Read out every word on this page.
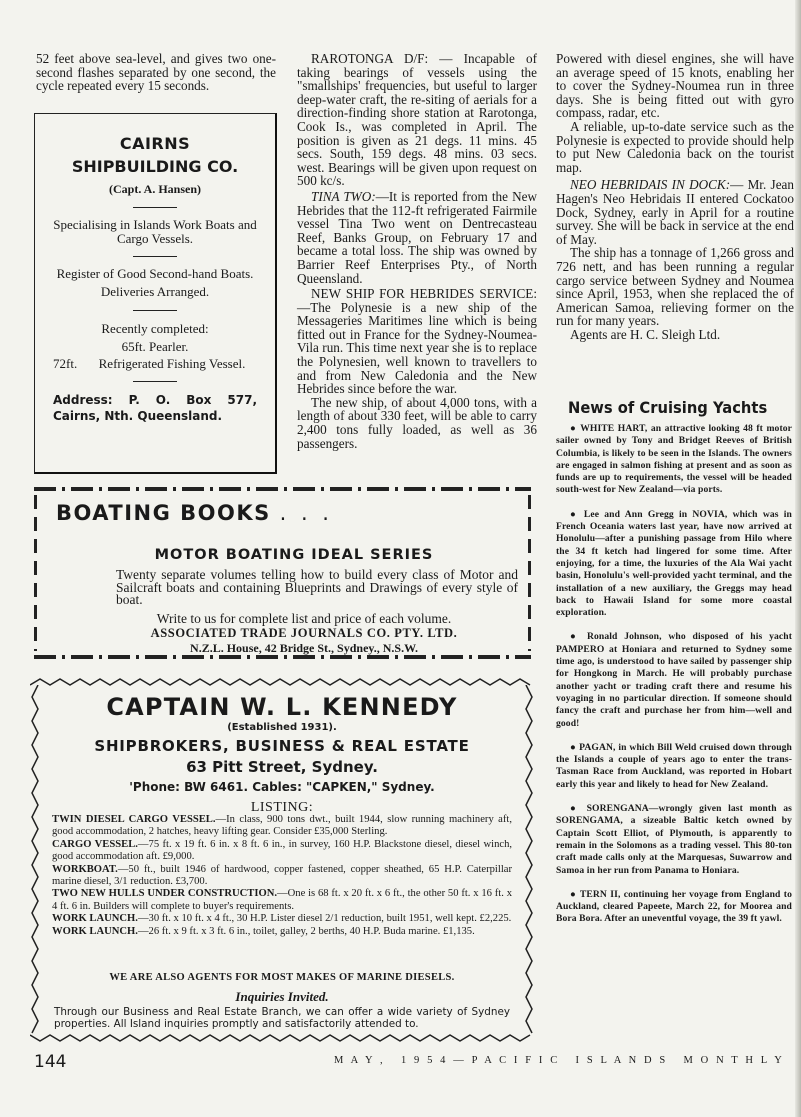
52 feet above sea-level, and gives two one-second flashes separated by one second, the cycle repeated every 15 seconds.

CAIRNS
SHIPBUILDING CO.
(Capt. A. Hansen)
Specialising in Islands Work Boats and Cargo Vessels.
Register of Good Second-hand Boats.
Deliveries Arranged.
Recently completed:
65ft. Pearler.
72ft.	Refrigerated Fishing Vessel.
Address: P. O. Box 577, Cairns, Nth. Queensland.

RAROTONGA D/F: — Incapable of taking bearings of vessels using the "smallships' frequencies, but useful to larger deep-water craft, the re-siting of aerials for a direction-finding shore station at Rarotonga, Cook Is., was completed in April. The position is given as 21 degs. 11 mins. 45 secs. South, 159 degs. 48 mins. 03 secs. west. Bearings will be given upon request on 500 kc/s.

TINA TWO:—It is reported from the New Hebrides that the 112-ft refrigerated Fairmile vessel Tina Two went on Dentrecasteau Reef, Banks Group, on February 17 and became a total loss. The ship was owned by Barrier Reef Enterprises Pty., of North Queensland.

NEW SHIP FOR HEBRIDES SERVICE:—The Polynesie is a new ship of the Messageries Maritimes line which is being fitted out in France for the Sydney-Noumea-Vila run. This time next year she is to replace the Polynesien, well known to travellers to and from New Caledonia and the New Hebrides since before the war.

The new ship, of about 4,000 tons, with a length of about 330 feet, will be able to carry 2,400 tons fully loaded, as well as 36 passengers.

Powered with diesel engines, she will have an average speed of 15 knots, enabling her to cover the Sydney-Noumea run in three days. She is being fitted out with gyro compass, radar, etc.

A reliable, up-to-date service such as the Polynesie is expected to provide should help to put New Caledonia back on the tourist map.

NEO HEBRIDAIS IN DOCK:— Mr. Jean Hagen's Neo Hebridais II entered Cockatoo Dock, Sydney, early in April for a routine survey. She will be back in service at the end of May.

The ship has a tonnage of 1,266 gross and 726 nett, and has been running a regular cargo service between Sydney and Noumea since April, 1953, when she replaced the of American Samoa, relieving former on the run for many years.

Agents are H. C. Sleigh Ltd.

News of Cruising Yachts

● WHITE HART, an attractive looking 48 ft motor sailer owned by Tony and Bridget Reeves of British Columbia, is likely to be seen in the Islands. The owners are engaged in salmon fishing at present and as soon as funds are up to requirements, the vessel will be headed south-west for New Zealand—via ports.

● Lee and Ann Gregg in NOVIA, which was in French Oceania waters last year, have now arrived at Honolulu—after a punishing passage from Hilo where the 34 ft ketch had lingered for some time. After enjoying, for a time, the luxuries of the Ala Wai yacht basin, Honolulu's well-provided yacht terminal, and the installation of a new auxiliary, the Greggs may head back to Hawaii Island for some more coastal exploration.

● Ronald Johnson, who disposed of his yacht PAMPERO at Honiara and returned to Sydney some time ago, is understood to have sailed by passenger ship for Hongkong in March. He will probably purchase another yacht or trading craft there and resume his voyaging in no particular direction. If someone should fancy the craft and purchase her from him—well and good!

● PAGAN, in which Bill Weld cruised down through the Islands a couple of years ago to enter the trans-Tasman Race from Auckland, was reported in Hobart early this year and likely to head for New Zealand.

● SORENGANA—wrongly given last month as SORENGAMA, a sizeable Baltic ketch owned by Captain Scott Elliot, of Plymouth, is apparently to remain in the Solomons as a trading vessel. This 80-ton craft made calls only at the Marquesas, Suwarrow and Samoa in her run from Panama to Honiara.

● TERN II, continuing her voyage from England to Auckland, cleared Papeete, March 22, for Moorea and Bora Bora. After an uneventful voyage, the 39 ft yawl.

BOATING BOOKS . . .
MOTOR BOATING IDEAL SERIES
Twenty separate volumes telling how to build every class of Motor and Sailcraft boats and containing Blueprints and Drawings of every style of boat.
Write to us for complete list and price of each volume.
ASSOCIATED TRADE JOURNALS CO. PTY. LTD.
N.Z.L. House, 42 Bridge St., Sydney., N.S.W.
CAPTAIN W. L. KENNEDY
(Established 1931).
SHIPBROKERS, BUSINESS & REAL ESTATE
63 Pitt Street, Sydney.
'Phone: BW 6461. Cables: "CAPKEN," Sydney.
LISTING:

TWIN DIESEL CARGO VESSEL.—In class, 900 tons dwt., built 1944, slow running machinery aft, good accommodation, 2 hatches, heavy lifting gear. Consider £35,000 Sterling.

CARGO VESSEL.—75 ft. x 19 ft. 6 in. x 8 ft. 6 in., in survey, 160 H.P. Blackstone diesel, diesel winch, good accommodation aft. £9,000.

WORKBOAT.—50 ft., built 1946 of hardwood, copper fastened, copper sheathed, 65 H.P. Caterpillar marine diesel, 3/1 reduction. £3,700.

TWO NEW HULLS UNDER CONSTRUCTION.—One is 68 ft. x 20 ft. x 6 ft., the other 50 ft. x 16 ft. x 4 ft. 6 in. Builders will complete to buyer's requirements.

WORK LAUNCH.—30 ft. x 10 ft. x 4 ft., 30 H.P. Lister diesel 2/1 reduction, built 1951, well kept. £2,225.

WORK LAUNCH.—26 ft. x 9 ft. x 3 ft. 6 in., toilet, galley, 2 berths, 40 H.P. Buda marine. £1,135.

WE ARE ALSO AGENTS FOR MOST MAKES OF MARINE DIESELS.
Inquiries Invited.
Through our Business and Real Estate Branch, we can offer a wide variety of Sydney properties. All Island inquiries promptly and satisfactorily attended to.
144	M A Y ,   1 9 5 4 — P A C I F I C   I S L A N D S   M O N T H L Y
